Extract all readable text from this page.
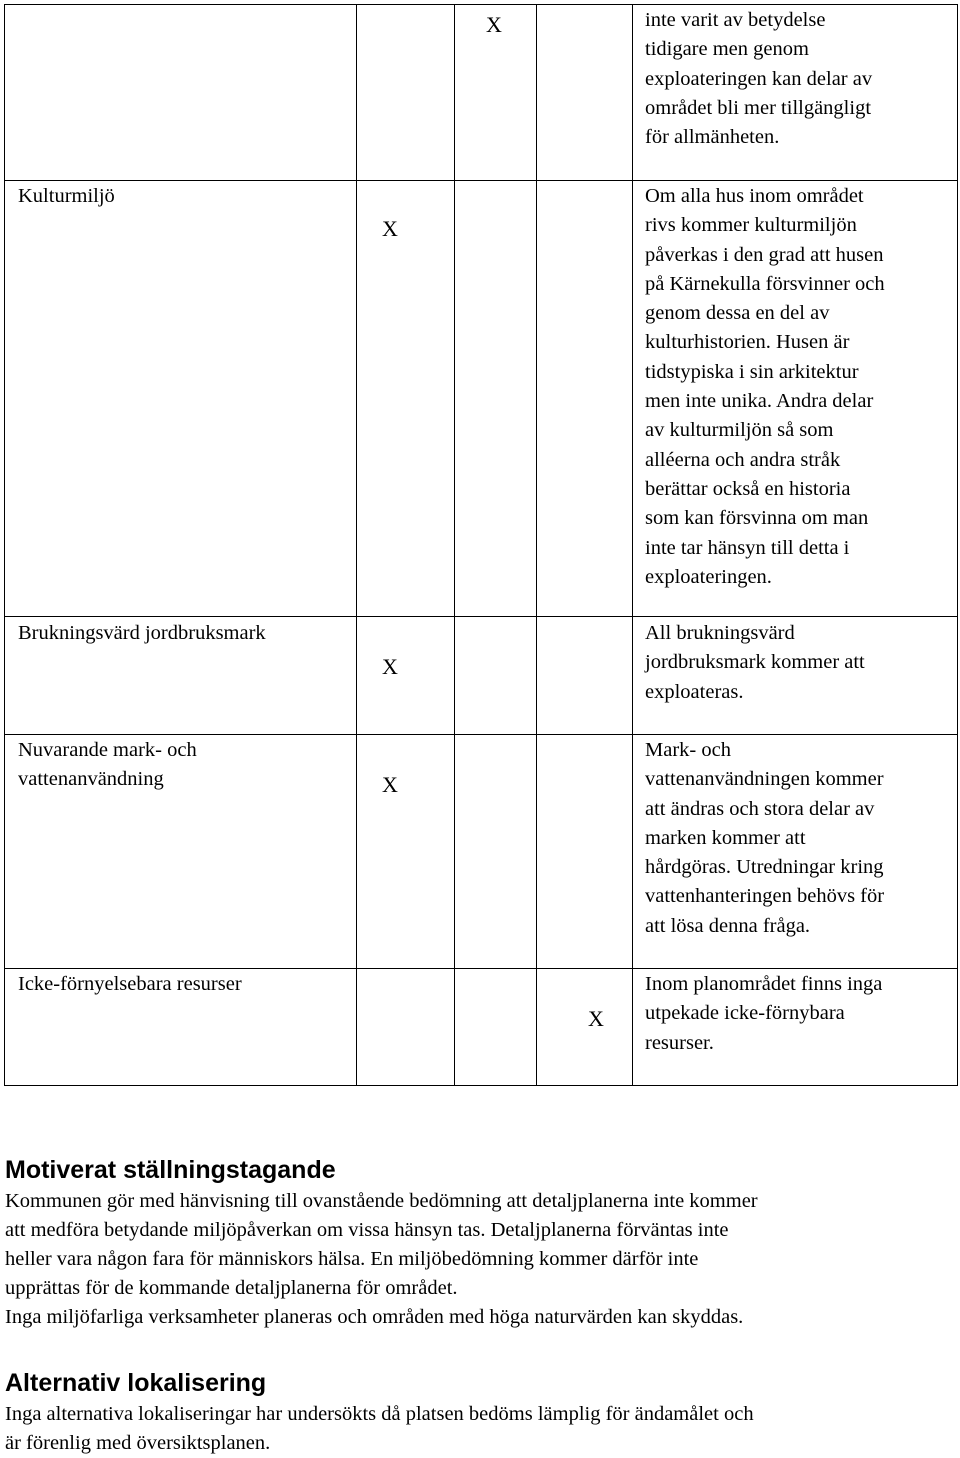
X	inte varit av betydelse
tidigare men genom
exploateringen kan delar av
området bli mer tillgängligt
för allmänheten.
Kulturmiljö
X
Om alla hus inom området
rivs kommer kulturmiljön
påverkas i den grad att husen
på Kärnekulla försvinner och
genom dessa en del av
kulturhistorien. Husen är
tidstypiska i sin arkitektur
men inte unika. Andra delar
av kulturmiljön så som
alléerna och andra stråk
berättar också en historia
som kan försvinna om man
inte tar hänsyn till detta i
exploateringen.
Brukningsvärd jordbruksmark
X
All brukningsvärd
jordbruksmark kommer att
exploateras.
Nuvarande mark- och
vattenanvändning	X
Mark- och
vattenanvändningen kommer
att ändras och stora delar av
marken kommer att
hårdgöras. Utredningar kring
vattenhanteringen behövs för
att lösa denna fråga.
Icke-förnyelsebara resurser
X
Inom planområdet finns inga
utpekade icke-förnybara
resurser.
Motiverat ställningstagande
Kommunen gör med hänvisning till ovanstående bedömning att detaljplanerna inte kommer
att medföra betydande miljöpåverkan om vissa hänsyn tas. Detaljplanerna förväntas inte
heller vara någon fara för människors hälsa. En miljöbedömning kommer därför inte
upprättas för de kommande detaljplanerna för området.
Inga miljöfarliga verksamheter planeras och områden med höga naturvärden kan skyddas.
Alternativ lokalisering
Inga alternativa lokaliseringar har undersökts då platsen bedöms lämplig för ändamålet och
är förenlig med översiktsplanen.
